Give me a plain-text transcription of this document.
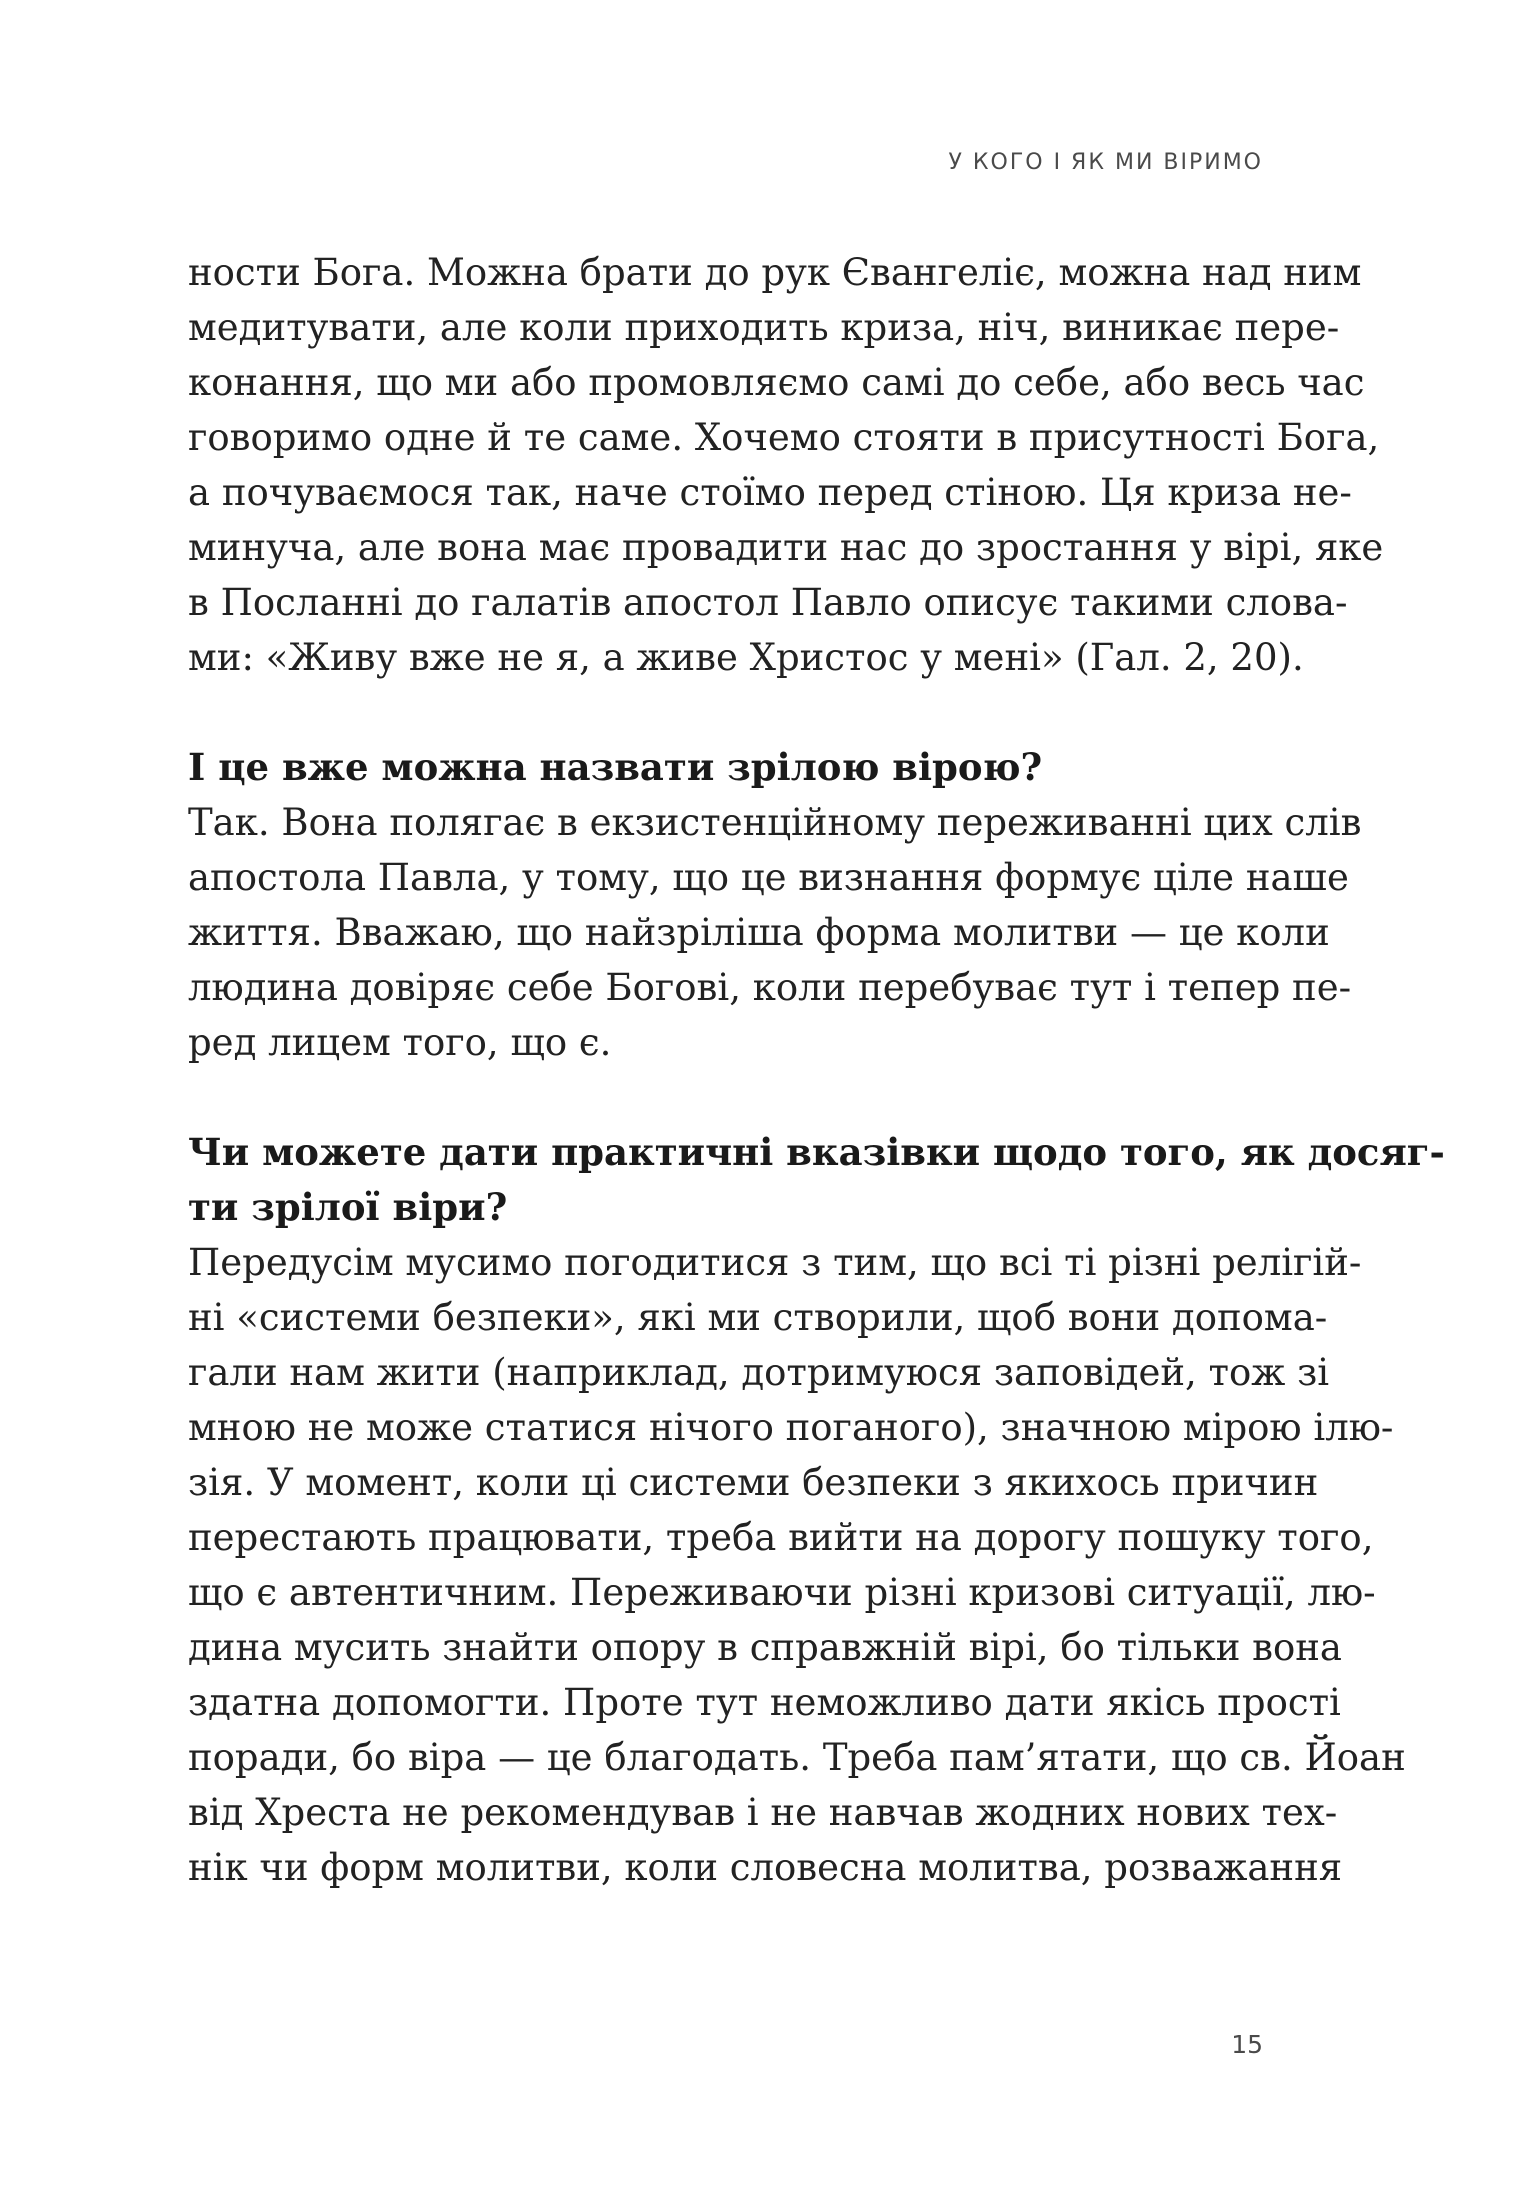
У КОГО І ЯК МИ ВІРИМО
ности Бога. Можна брати до рук Євангеліє, можна над ним
медитувати, але коли приходить криза, ніч, виникає пере-
конання, що ми або промовляємо самі до себе, або весь час
говоримо одне й те саме. Хочемо стояти в присутності Бога,
а почуваємося так, наче стоїмо перед стіною. Ця криза не-
минуча, але вона має провадити нас до зростання у вірі, яке
в Посланні до галатів апостол Павло описує такими слова-
ми: «Живу вже не я, а живе Христос у мені» (Гал. 2, 20).
І це вже можна назвати зрілою вірою?
Так. Вона полягає в екзистенційному переживанні цих слів
апостола Павла, у тому, що це визнання формує ціле наше
життя. Вважаю, що найзріліша форма молитви — це коли
людина довіряє себе Богові, коли перебуває тут і тепер пе-
ред лицем того, що є.
Чи можете дати практичні вказівки щодо того, як досяг-
ти зрілої віри?
Передусім мусимо погодитися з тим, що всі ті різні релігій-
ні «системи безпеки», які ми створили, щоб вони допома-
гали нам жити (наприклад, дотримуюся заповідей, тож зі
мною не може статися нічого поганого), значною мірою ілю-
зія. У момент, коли ці системи безпеки з якихось причин
перестають працювати, треба вийти на дорогу пошуку того,
що є автентичним. Переживаючи різні кризові ситуації, лю-
дина мусить знайти опору в справжній вірі, бо тільки вона
здатна допомогти. Проте тут неможливо дати якісь прості
поради, бо віра — це благодать. Треба пам’ятати, що св. Йоан
від Хреста не рекомендував і не навчав жодних нових тех-
нік чи форм молитви, коли словесна молитва, розважання
15
